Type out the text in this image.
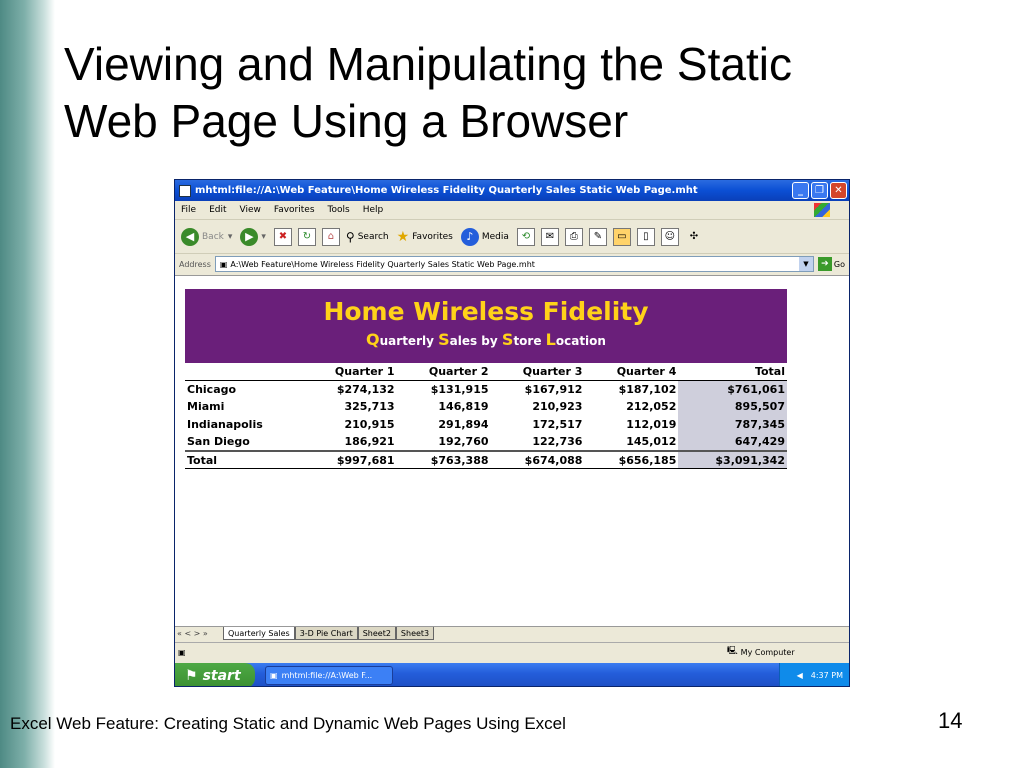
Viewing and Manipulating the Static
Web Page Using a Browser
mhtml:file://A:\Web Feature\Home Wireless Fidelity Quarterly Sales Static Web Page.mht	_	❐	✕
File Edit View Favorites Tools Help
◀ Back ▾	▶ ▾	✖	↻	⌂ ⚲ Search ★ Favorites	♪ Media	⟲	✉	⎙	✎	▭	▯	☺	✣
Address ▣ A:\Web Feature\Home Wireless Fidelity Quarterly Sales Static Web Page.mht	▼	➔ Go
Home Wireless Fidelity
Quarterly Sales by Store Location
	Quarter 1	Quarter 2	Quarter 3	Quarter 4	Total
Chicago	$274,132	$131,915	$167,912	$187,102	$761,061
Miami	325,713	146,819	210,923	212,052	895,507
Indianapolis	210,915	291,894	172,517	112,019	787,345
San Diego	186,921	192,760	122,736	145,012	647,429
Total	$997,681	$763,388	$674,088	$656,185	$3,091,342
« < > »	Quarterly Sales	3-D Pie Chart	Sheet2	Sheet3
▣	🖳 My Computer
⚑ start	▣ mhtml:file://A:\Web F...	◀ 4:37 PM
Excel Web Feature: Creating Static and Dynamic Web Pages Using Excel	14
